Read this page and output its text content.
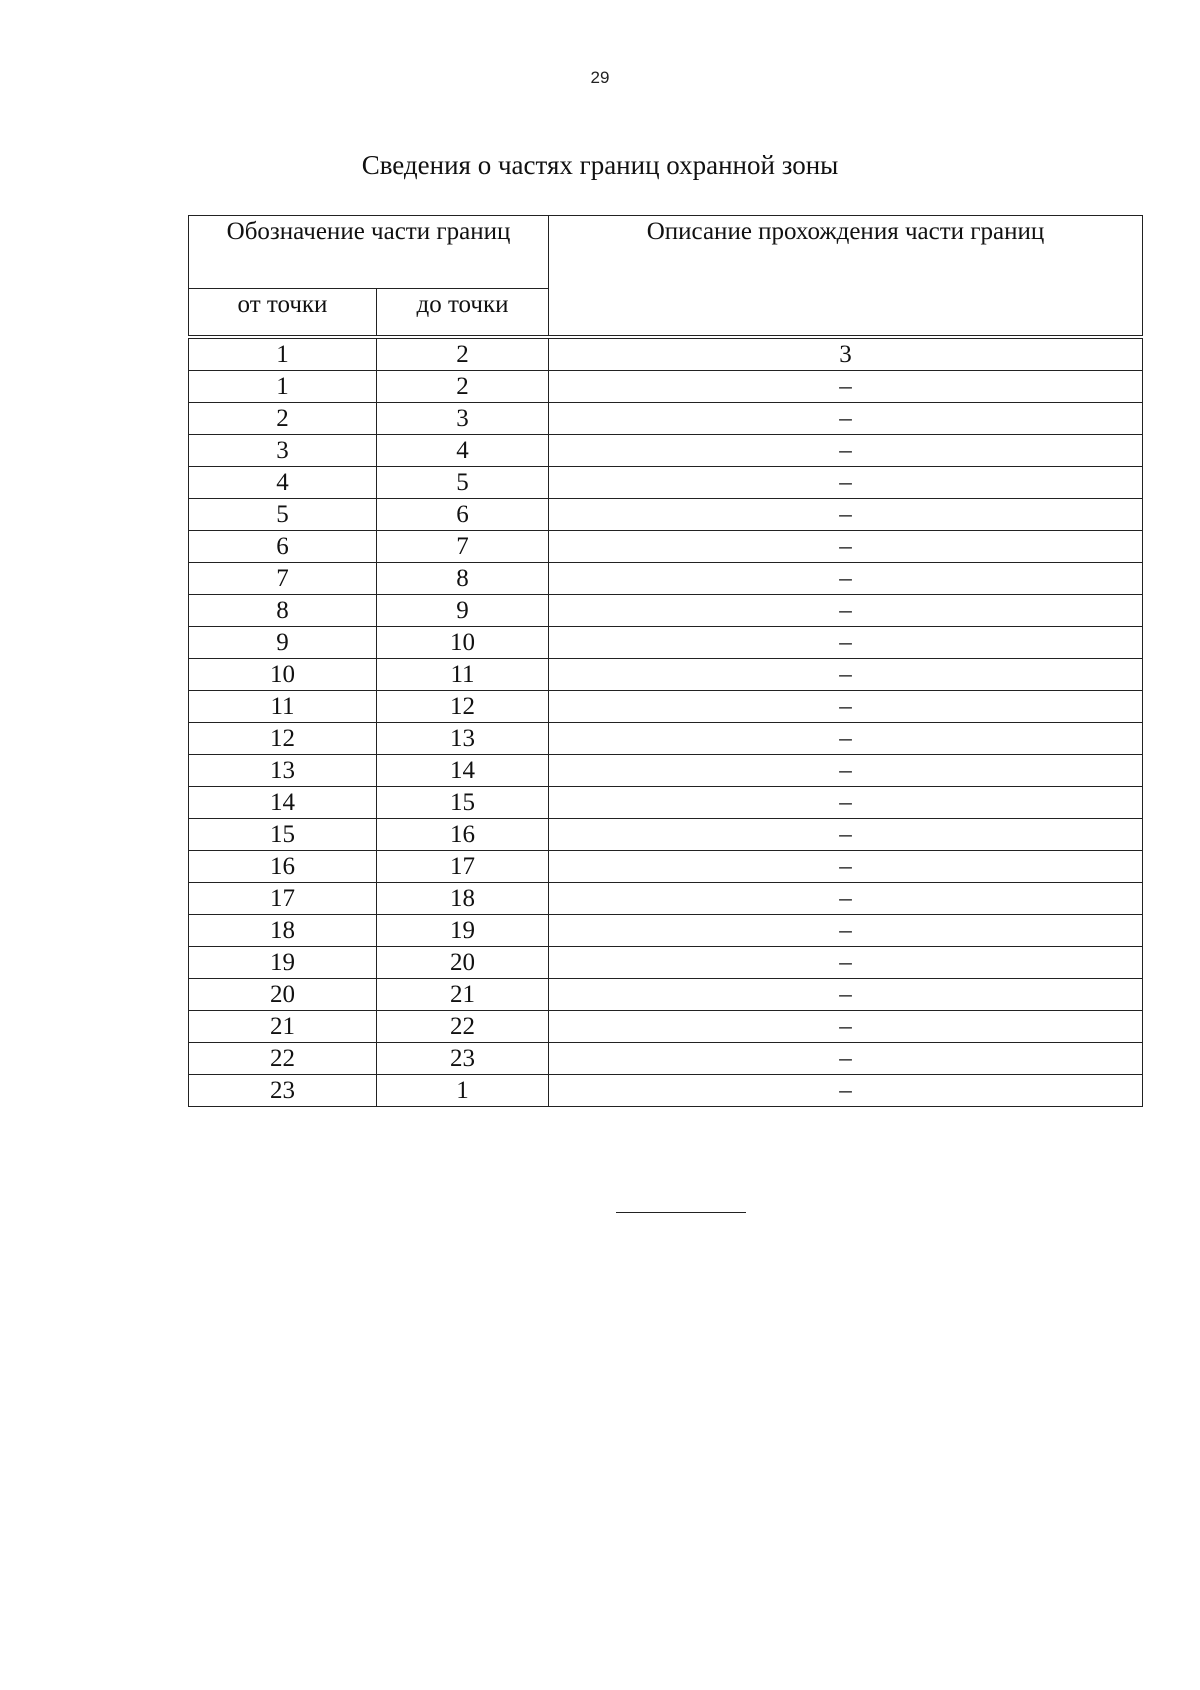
29
Сведения о частях границ охранной зоны
Обозначение части границ		Описание прохождения части границ
от точки	до точки	

1	2	3
1	2	–
2	3	–
3	4	–
4	5	–
5	6	–
6	7	–
7	8	–
8	9	–
9	10	–
10	11	–
11	12	–
12	13	–
13	14	–
14	15	–
15	16	–
16	17	–
17	18	–
18	19	–
19	20	–
20	21	–
21	22	–
22	23	–
23	1	–
